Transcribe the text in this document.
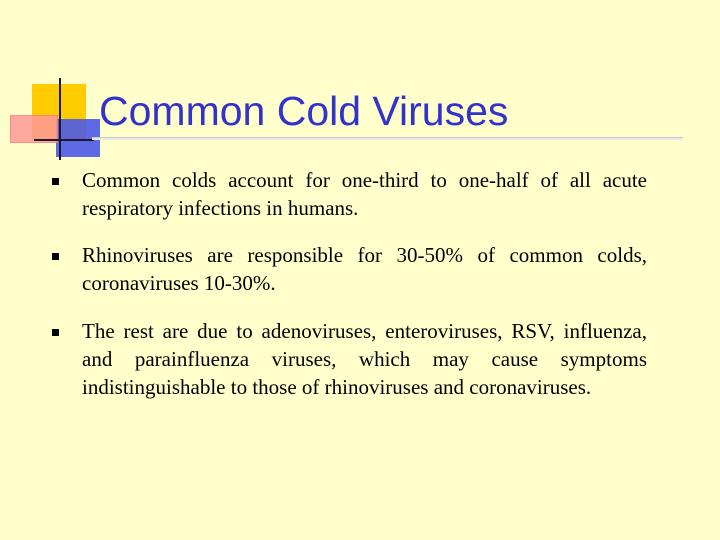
Common Cold Viruses
Common colds account for one-third to one-half of all acute respiratory infections in humans.
Rhinoviruses are responsible for 30-50% of common colds, coronaviruses 10-30%.
The rest are due to adenoviruses, enteroviruses, RSV, influenza, and parainfluenza viruses, which may cause symptoms indistinguishable to those of rhinoviruses and coronaviruses.
